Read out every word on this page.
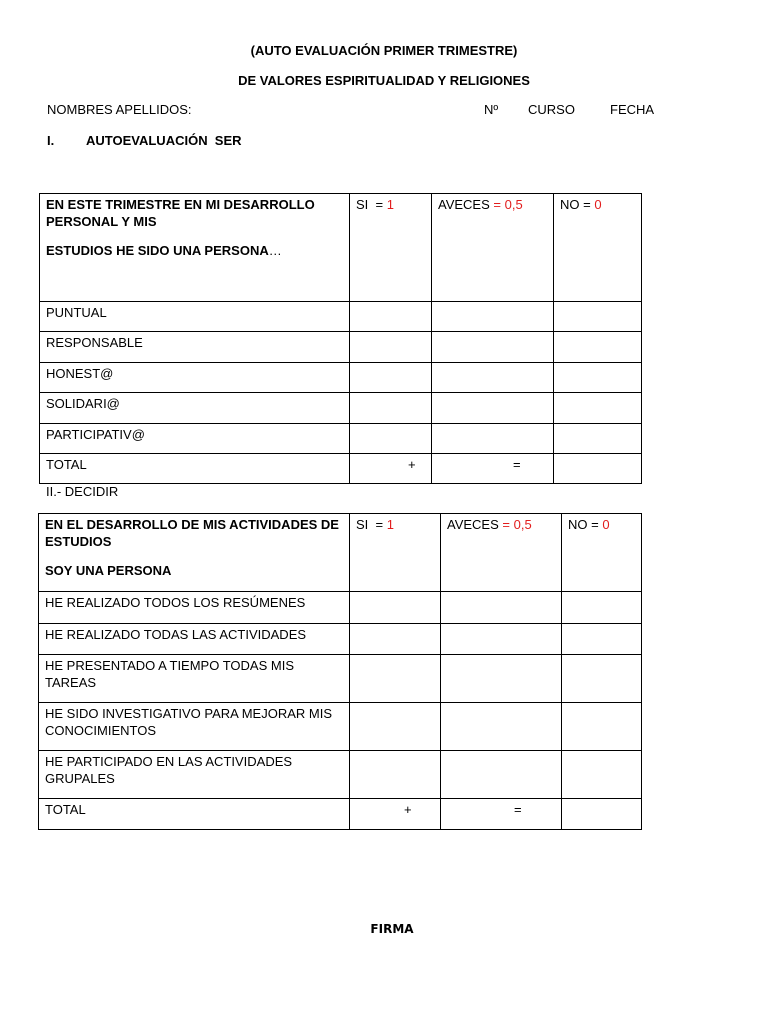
(AUTO EVALUACIÓN PRIMER TRIMESTRE)
DE VALORES ESPIRITUALIDAD Y RELIGIONES
NOMBRES APELLIDOS:	Nº CURSO	FECHA
I. AUTOEVALUACIÓN  SER
EN ESTE TRIMESTRE EN MI DESARROLLO PERSONAL Y MIS
ESTUDIOS HE SIDO UNA PERSONA…	SI  = 1	AVECES = 0,5	NO = 0
PUNTUAL			
RESPONSABLE			
HONEST@			
SOLIDARI@			
PARTICIPATIV@			
TOTAL	+	=	
II.- DECIDIR
EN EL DESARROLLO DE MIS ACTIVIDADES DE ESTUDIOS
SOY UNA PERSONA	SI  = 1	AVECES = 0,5	NO = 0
HE REALIZADO TODOS LOS RESÚMENES			
HE REALIZADO TODAS LAS ACTIVIDADES			
HE PRESENTADO A TIEMPO TODAS MIS TAREAS			
HE SIDO INVESTIGATIVO PARA MEJORAR MIS CONOCIMIENTOS			
HE PARTICIPADO EN LAS ACTIVIDADES GRUPALES			
TOTAL	+	=	
FIRMA
